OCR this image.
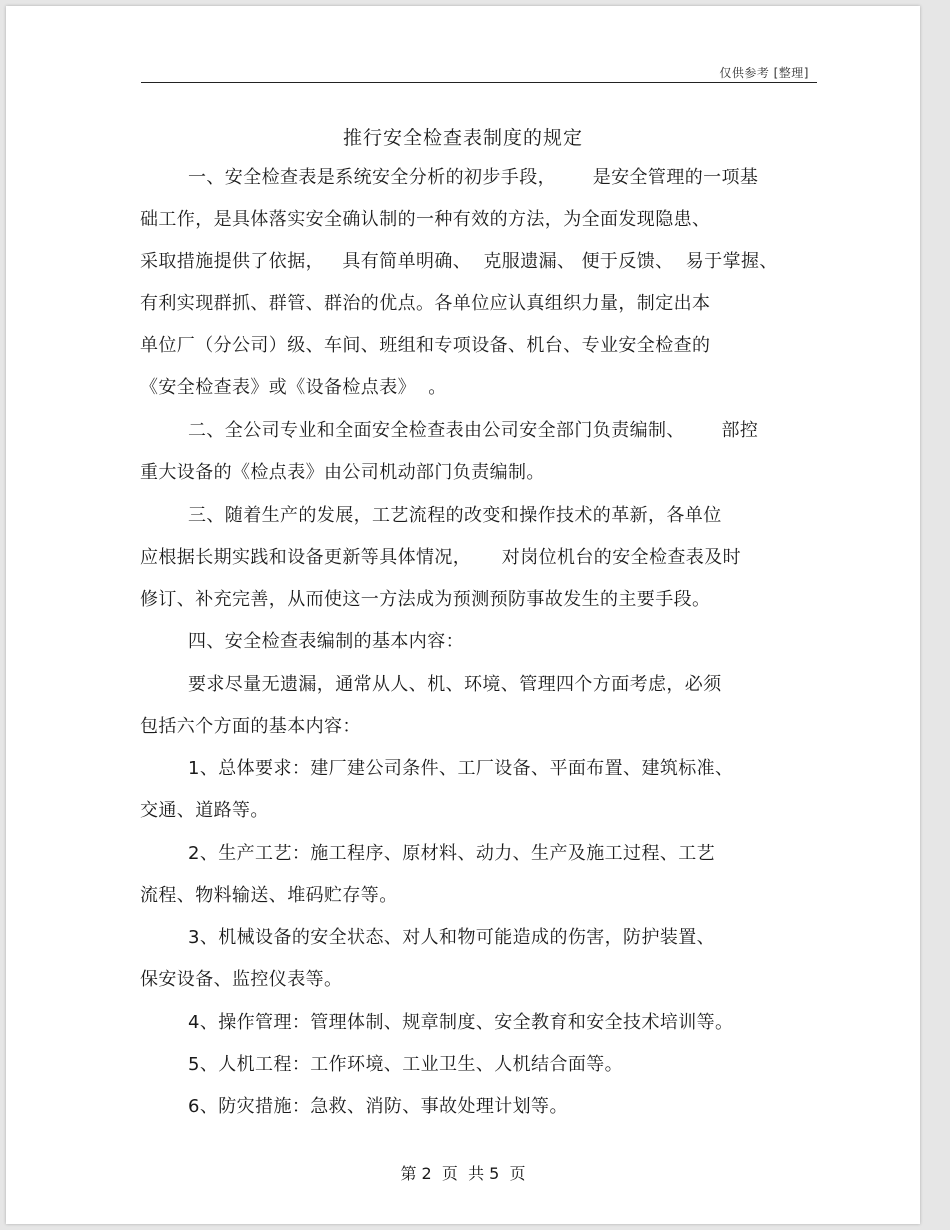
仅供参考 [整理]
推行安全检查表制度的规定
一、安全检查表是系统安全分析的初步手段，      是安全管理的一项基
础工作，是具体落实安全确认制的一种有效的方法，为全面发现隐患、
采取措施提供了依据，   具有简单明确、  克服遗漏、 便于反馈、  易于掌握、
有利实现群抓、群管、群治的优点。各单位应认真组织力量，制定出本
单位厂（分公司）级、车间、班组和专项设备、机台、专业安全检查的
《安全检查表》或《设备检点表》  。
二、全公司专业和全面安全检查表由公司安全部门负责编制、      部控
重大设备的《检点表》由公司机动部门负责编制。
三、随着生产的发展，工艺流程的改变和操作技术的革新，各单位
应根据长期实践和设备更新等具体情况，     对岗位机台的安全检查表及时
修订、补充完善，从而使这一方法成为预测预防事故发生的主要手段。
四、安全检查表编制的基本内容：
要求尽量无遗漏，通常从人、机、环境、管理四个方面考虑，必须
包括六个方面的基本内容：
1、总体要求：建厂建公司条件、工厂设备、平面布置、建筑标准、
交通、道路等。
2、生产工艺：施工程序、原材料、动力、生产及施工过程、工艺
流程、物料输送、堆码贮存等。
3、机械设备的安全状态、对人和物可能造成的伤害，防护装置、
保安设备、监控仪表等。
4、操作管理：管理体制、规章制度、安全教育和安全技术培训等。
5、人机工程：工作环境、工业卫生、人机结合面等。
6、防灾措施：急救、消防、事故处理计划等。
第 2  页  共 5  页
